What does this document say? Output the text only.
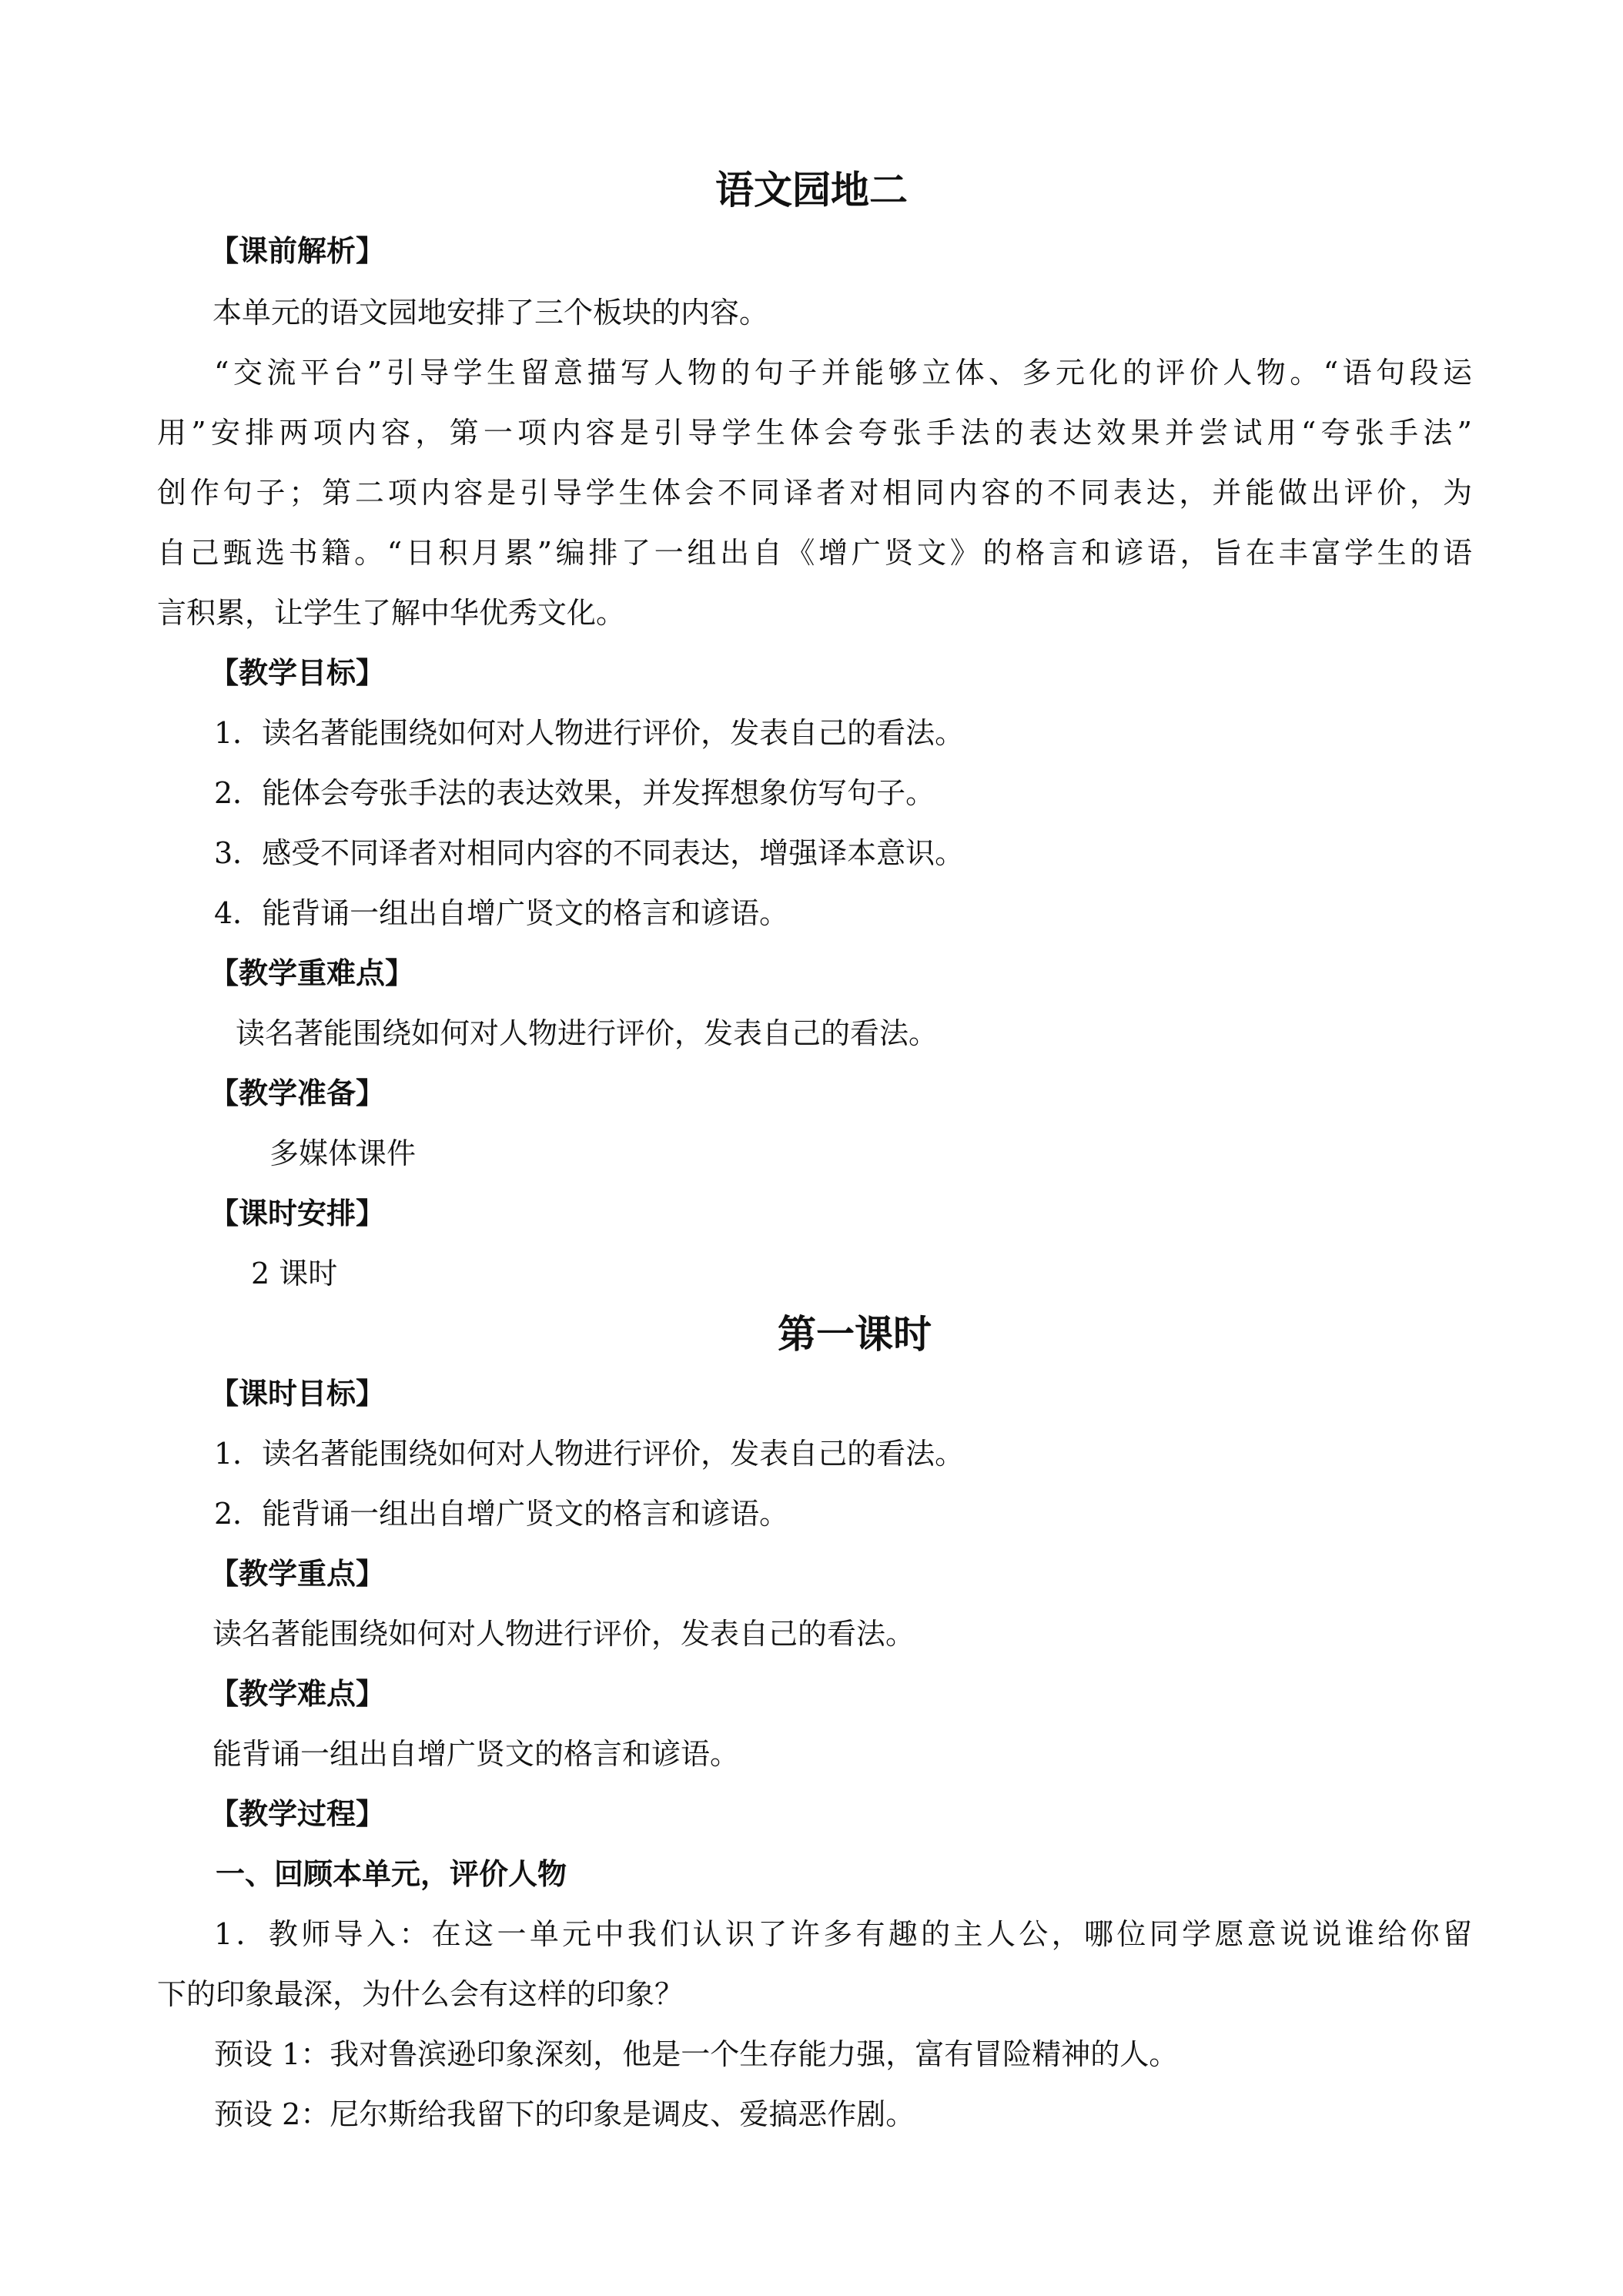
语文园地二
【课前解析】
本单元的语文园地安排了三个板块的内容。
“交流平台”引导学生留意描写人物的句子并能够立体、多元化的评价人物。“语句段运
用”安排两项内容，第一项内容是引导学生体会夸张手法的表达效果并尝试用“夸张手法”
创作句子；第二项内容是引导学生体会不同译者对相同内容的不同表达，并能做出评价，为
自己甄选书籍。“日积月累”编排了一组出自《增广贤文》的格言和谚语，旨在丰富学生的语
言积累，让学生了解中华优秀文化。
【教学目标】
1．读名著能围绕如何对人物进行评价，发表自己的看法。
2．能体会夸张手法的表达效果，并发挥想象仿写句子。
3．感受不同译者对相同内容的不同表达，增强译本意识。
4．能背诵一组出自增广贤文的格言和谚语。
【教学重难点】
读名著能围绕如何对人物进行评价，发表自己的看法。
【教学准备】
多媒体课件
【课时安排】
2 课时
第一课时
【课时目标】
1．读名著能围绕如何对人物进行评价，发表自己的看法。
2．能背诵一组出自增广贤文的格言和谚语。
【教学重点】
读名著能围绕如何对人物进行评价，发表自己的看法。
【教学难点】
能背诵一组出自增广贤文的格言和谚语。
【教学过程】
一、回顾本单元，评价人物
1．教师导入：在这一单元中我们认识了许多有趣的主人公，哪位同学愿意说说谁给你留
下的印象最深，为什么会有这样的印象？
预设 1：我对鲁滨逊印象深刻，他是一个生存能力强，富有冒险精神的人。
预设 2：尼尔斯给我留下的印象是调皮、爱搞恶作剧。
